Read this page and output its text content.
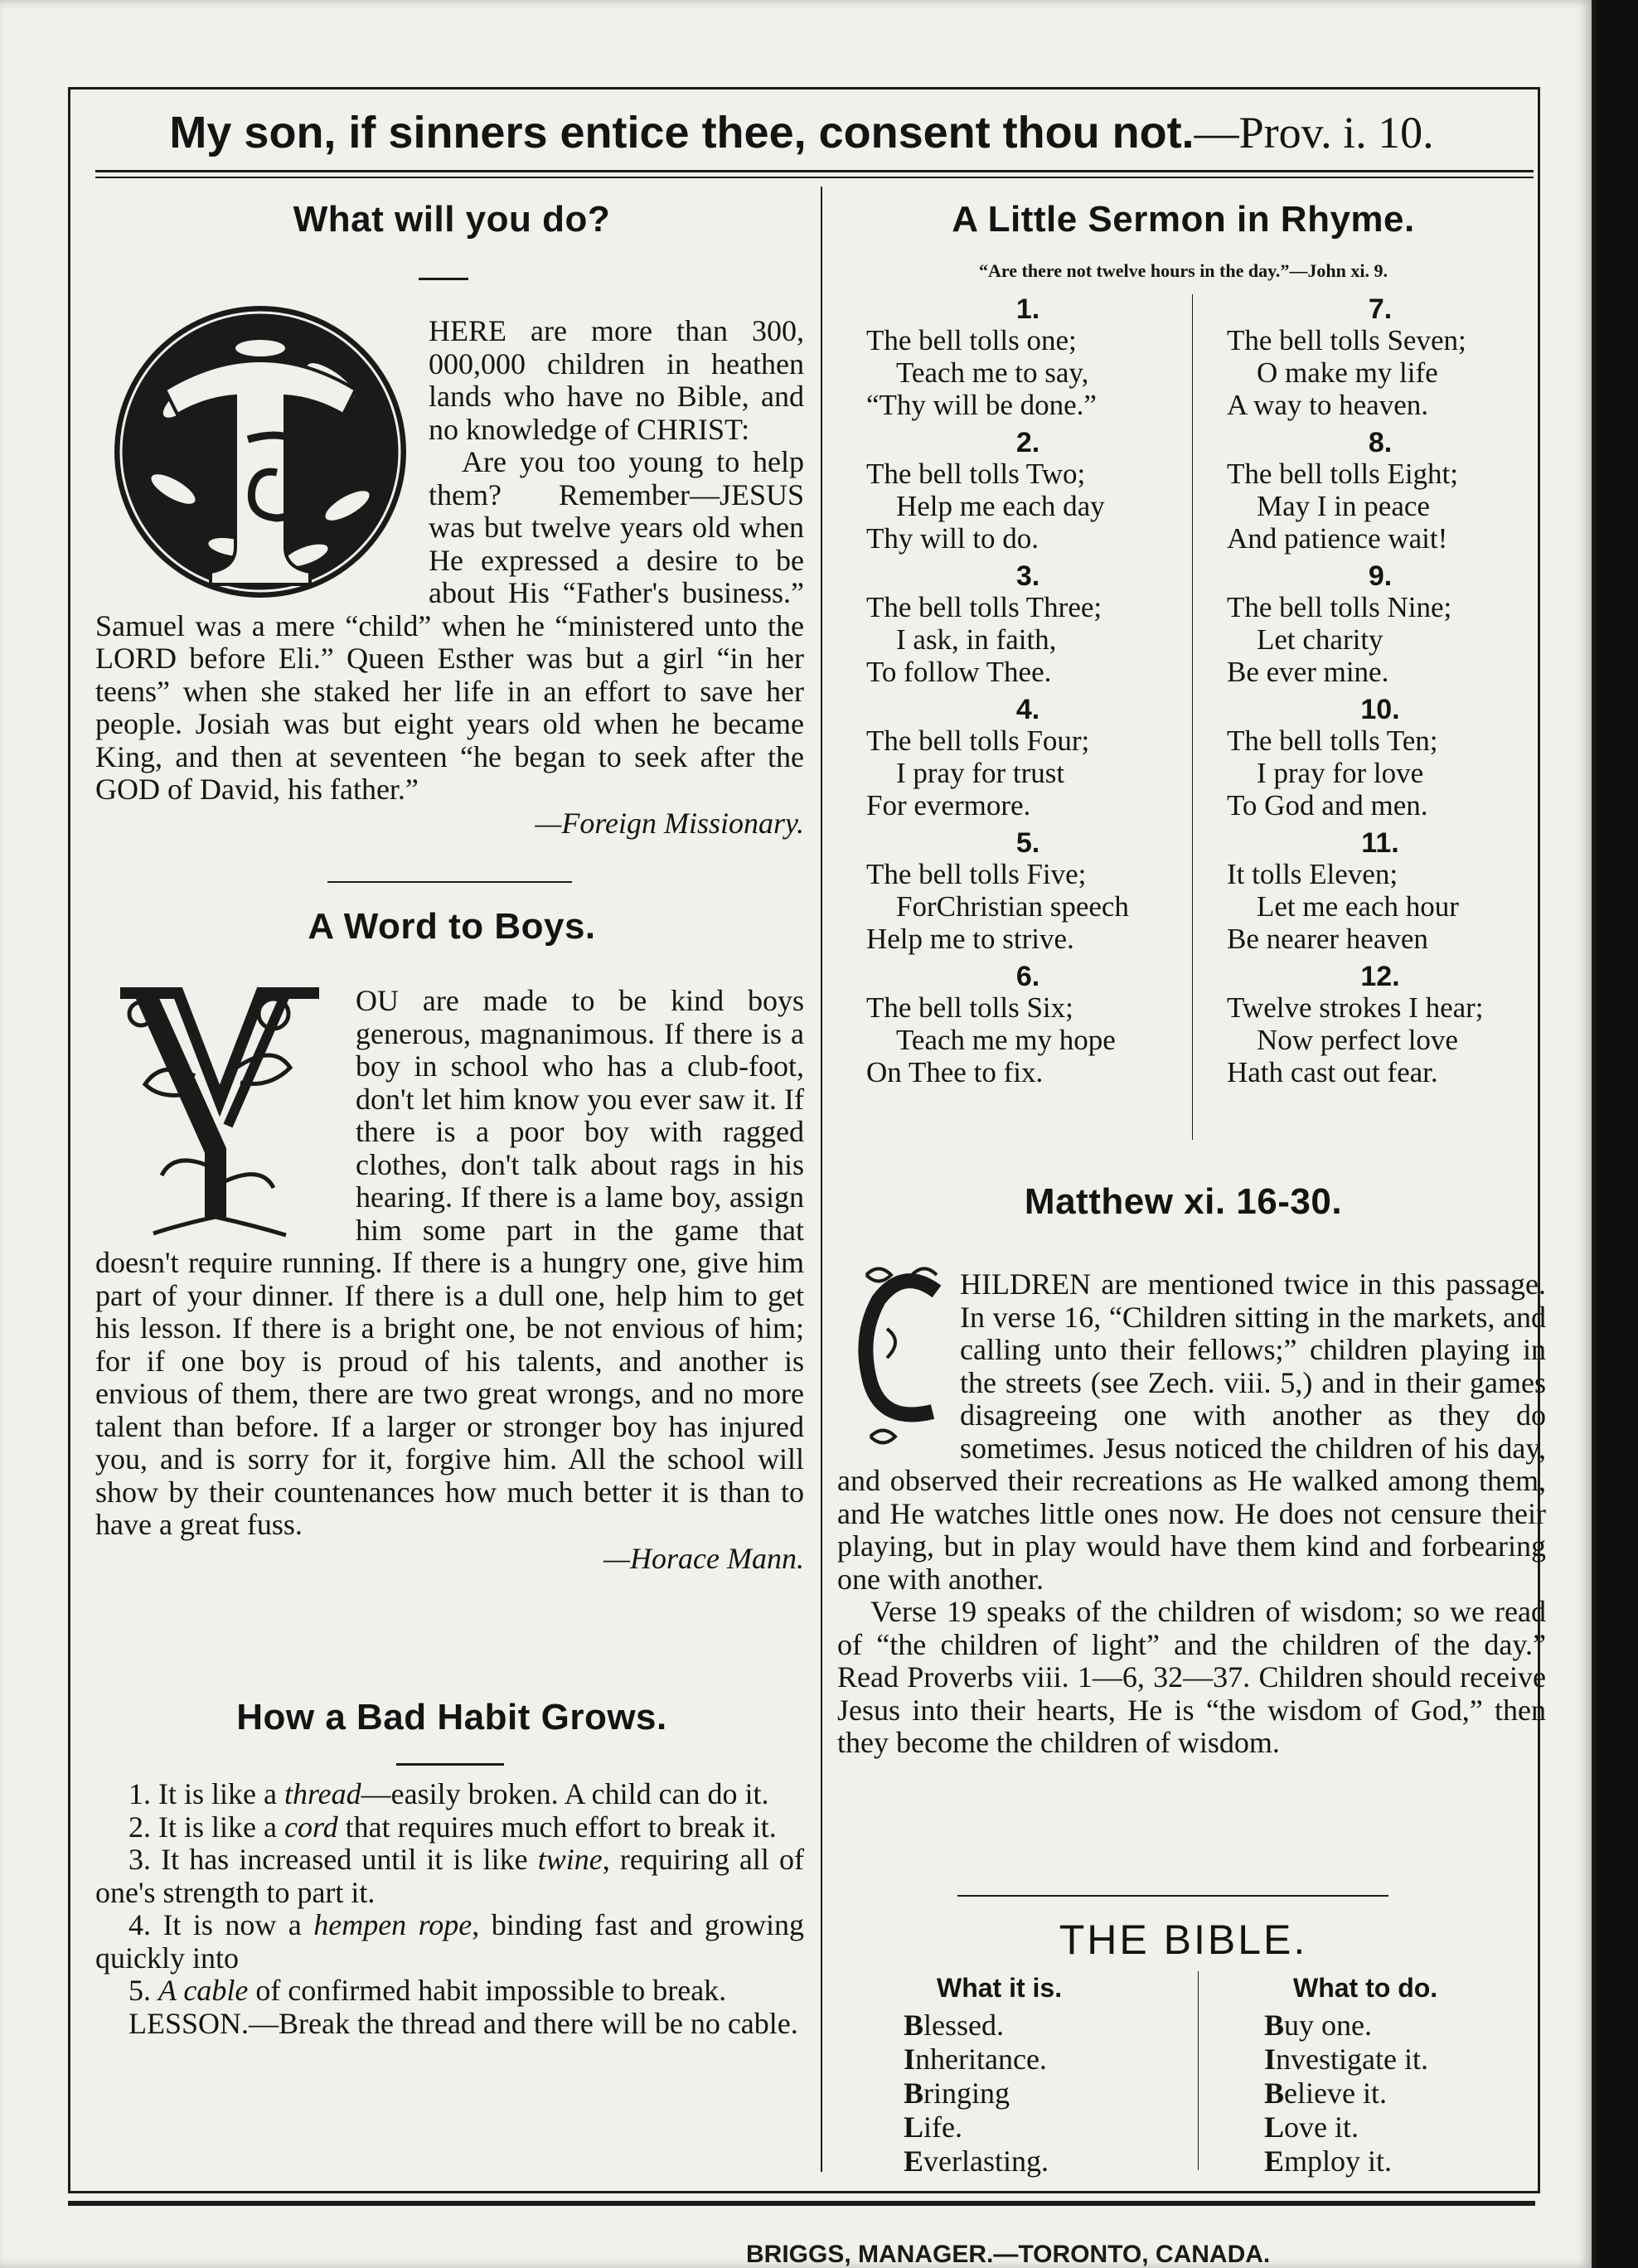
My son, if sinners entice thee, consent thou not.—Prov. i. 10.
What will you do?

HERE are more than 300, 000,000 children in heathen lands who have no Bible, and no knowledge of CHRIST:

Are you too young to help them? Remember—JESUS was but twelve years old when He expressed a desire to be about His “Father's business.” Samuel was a mere “child” when he “ministered unto the LORD before Eli.” Queen Esther was but a girl “in her teens” when she staked her life in an effort to save her people. Josiah was but eight years old when he became King, and then at seventeen “he began to seek after the GOD of David, his father.”

—Foreign Missionary.
A Word to Boys.

OU are made to be kind boys generous, magnanimous. If there is a boy in school who has a club-foot, don't let him know you ever saw it. If there is a poor boy with ragged clothes, don't talk about rags in his hearing. If there is a lame boy, assign him some part in the game that doesn't require running. If there is a hungry one, give him part of your dinner. If there is a dull one, help him to get his lesson. If there is a bright one, be not envious of him; for if one boy is proud of his talents, and another is envious of them, there are two great wrongs, and no more talent than before. If a larger or stronger boy has injured you, and is sorry for it, forgive him. All the school will show by their countenances how much better it is than to have a great fuss.

—Horace Mann.
How a Bad Habit Grows.

1. It is like a thread—easily broken. A child can do it.

2. It is like a cord that requires much effort to break it.

3. It has increased until it is like twine, requiring all of one's strength to part it.

4. It is now a hempen rope, binding fast and growing quickly into

5. A cable of confirmed habit impossible to break.

LESSON.—Break the thread and there will be no cable.

A Little Sermon in Rhyme.
“Are there not twelve hours in the day.”—John xi. 9.
1.
The bell tolls one;
Teach me to say,
“Thy will be done.”
2.
The bell tolls Two;
Help me each day
Thy will to do.
3.
The bell tolls Three;
I ask, in faith,
To follow Thee.
4.
The bell tolls Four;
I pray for trust
For evermore.
5.
The bell tolls Five;
ForChristian speech
Help me to strive.
6.
The bell tolls Six;
Teach me my hope
On Thee to fix.
7.
The bell tolls Seven;
O make my life
A way to heaven.
8.
The bell tolls Eight;
May I in peace
And patience wait!
9.
The bell tolls Nine;
Let charity
Be ever mine.
10.
The bell tolls Ten;
I pray for love
To God and men.
11.
It tolls Eleven;
Let me each hour
Be nearer heaven
12.
Twelve strokes I hear;
Now perfect love
Hath cast out fear.
Matthew xi. 16-30.

HILDREN are mentioned twice in this passage. In verse 16, “Children sitting in the markets, and calling unto their fellows;” children playing in the streets (see Zech. viii. 5,) and in their games disagreeing one with another as they do sometimes. Jesus noticed the children of his day, and observed their recreations as He walked among them, and He watches little ones now. He does not censure their playing, but in play would have them kind and forbearing one with another.

Verse 19 speaks of the children of wisdom; so we read of “the children of light” and the children of the day.” Read Proverbs viii. 1—6, 32—37. Children should receive Jesus into their hearts, He is “the wisdom of God,” then they become the children of wisdom.

THE BIBLE.
What it is.
Blessed.
Inheritance.
Bringing
Life.
Everlasting.
What to do.
Buy one.
Investigate it.
Believe it.
Love it.
Employ it.
BRIGGS, MANAGER.—TORONTO, CANADA.
